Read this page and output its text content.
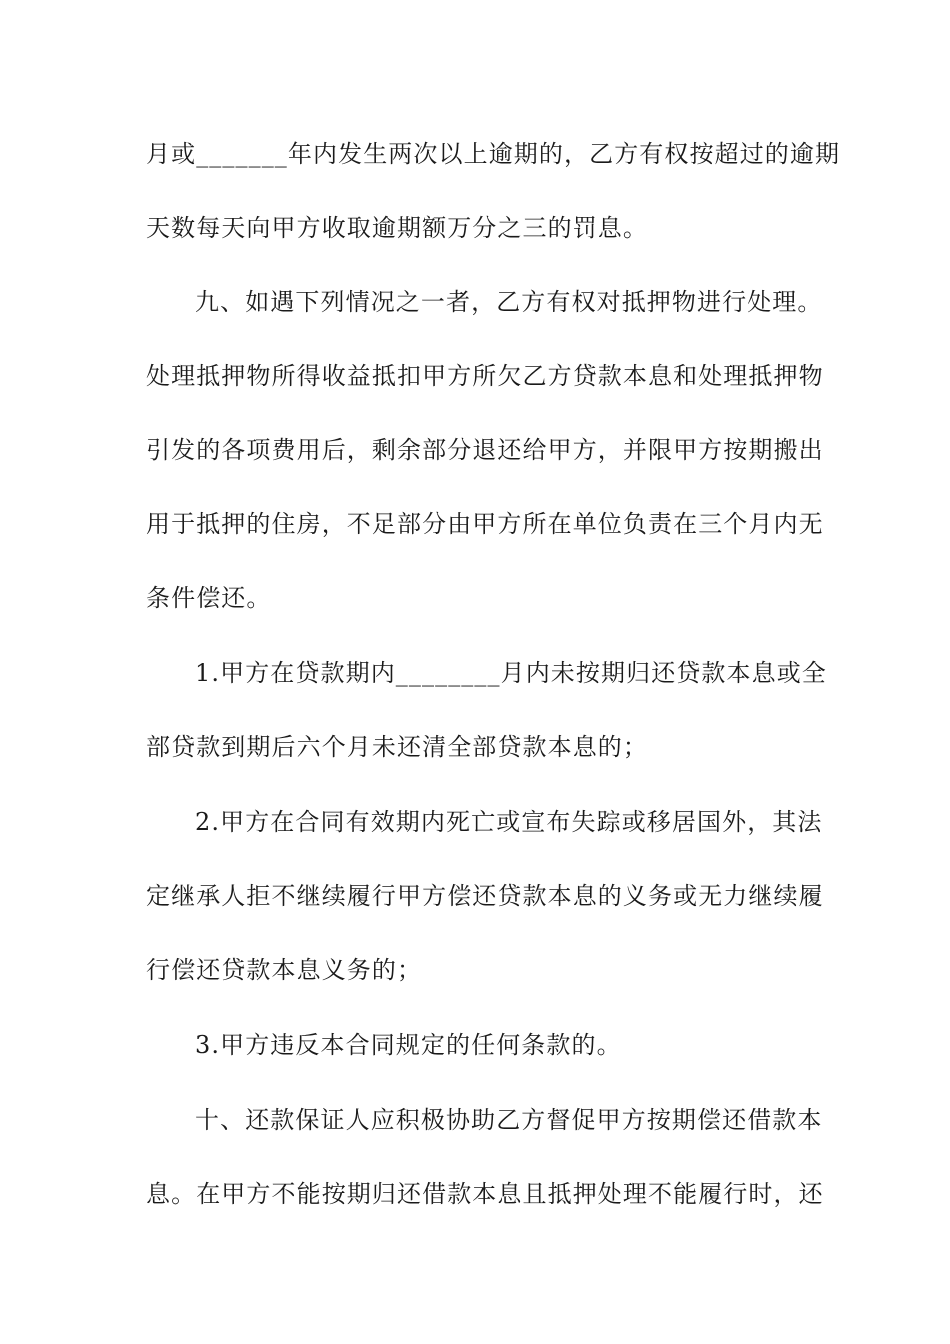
月或_______年内发生两次以上逾期的，乙方有权按超过的逾期
天数每天向甲方收取逾期额万分之三的罚息。
九、如遇下列情况之一者，乙方有权对抵押物进行处理。
处理抵押物所得收益抵扣甲方所欠乙方贷款本息和处理抵押物
引发的各项费用后，剩余部分退还给甲方，并限甲方按期搬出
用于抵押的住房，不足部分由甲方所在单位负责在三个月内无
条件偿还。
1.甲方在贷款期内________月内未按期归还贷款本息或全
部贷款到期后六个月未还清全部贷款本息的；
2.甲方在合同有效期内死亡或宣布失踪或移居国外，其法
定继承人拒不继续履行甲方偿还贷款本息的义务或无力继续履
行偿还贷款本息义务的；
3.甲方违反本合同规定的任何条款的。
十、还款保证人应积极协助乙方督促甲方按期偿还借款本
息。在甲方不能按期归还借款本息且抵押处理不能履行时，还
